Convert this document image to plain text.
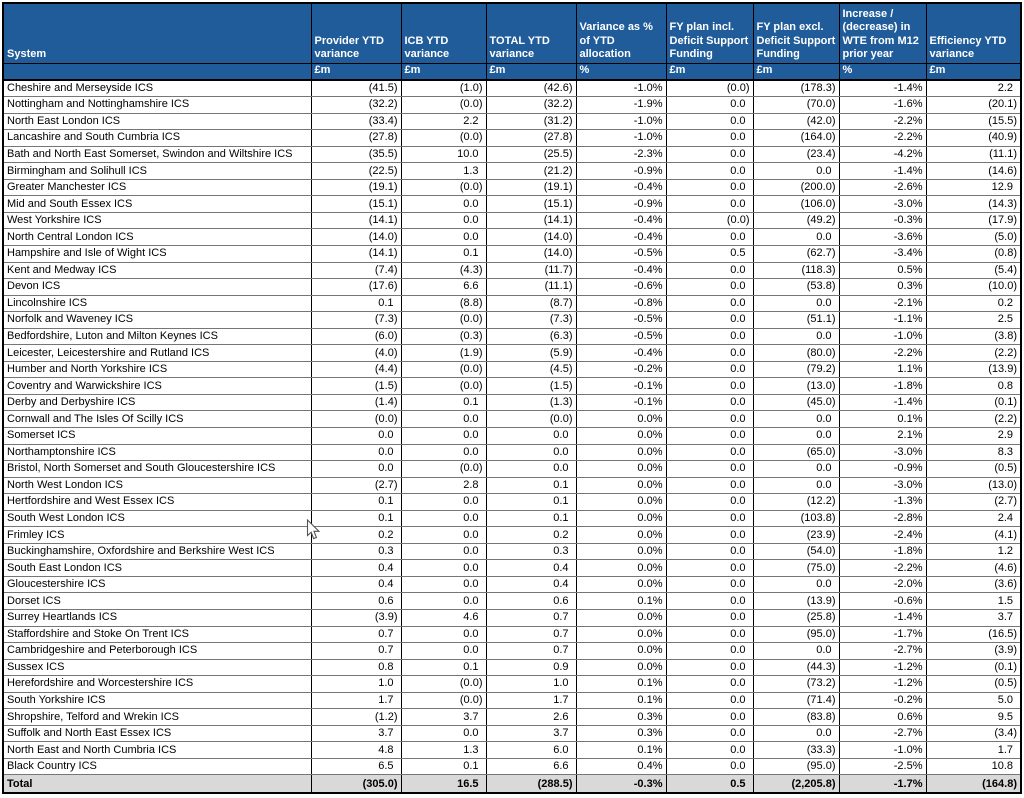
System	Provider YTD variance	ICB YTD variance	TOTAL YTD variance	Variance as % of YTD allocation	FY plan incl. Deficit Support Funding	FY plan excl. Deficit Support Funding	Increase / (decrease) in WTE from M12 prior year	Efficiency YTD variance
	£m	£m	£m	%	£m	£m	%	£m
Cheshire and Merseyside ICS	(41.5)	(1.0)	(42.6)	-1.0%	(0.0)	(178.3)	-1.4%	2.2
Nottingham and Nottinghamshire ICS	(32.2)	(0.0)	(32.2)	-1.9%	0.0	(70.0)	-1.6%	(20.1)
North East London ICS	(33.4)	2.2	(31.2)	-1.0%	0.0	(42.0)	-2.2%	(15.5)
Lancashire and South Cumbria ICS	(27.8)	(0.0)	(27.8)	-1.0%	0.0	(164.0)	-2.2%	(40.9)
Bath and North East Somerset, Swindon and Wiltshire ICS	(35.5)	10.0	(25.5)	-2.3%	0.0	(23.4)	-4.2%	(11.1)
Birmingham and Solihull ICS	(22.5)	1.3	(21.2)	-0.9%	0.0	0.0	-1.4%	(14.6)
Greater Manchester ICS	(19.1)	(0.0)	(19.1)	-0.4%	0.0	(200.0)	-2.6%	12.9
Mid and South Essex ICS	(15.1)	0.0	(15.1)	-0.9%	0.0	(106.0)	-3.0%	(14.3)
West Yorkshire ICS	(14.1)	0.0	(14.1)	-0.4%	(0.0)	(49.2)	-0.3%	(17.9)
North Central London ICS	(14.0)	0.0	(14.0)	-0.4%	0.0	0.0	-3.6%	(5.0)
Hampshire and Isle of Wight ICS	(14.1)	0.1	(14.0)	-0.5%	0.5	(62.7)	-3.4%	(0.8)
Kent and Medway ICS	(7.4)	(4.3)	(11.7)	-0.4%	0.0	(118.3)	0.5%	(5.4)
Devon ICS	(17.6)	6.6	(11.1)	-0.6%	0.0	(53.8)	0.3%	(10.0)
Lincolnshire ICS	0.1	(8.8)	(8.7)	-0.8%	0.0	0.0	-2.1%	0.2
Norfolk and Waveney ICS	(7.3)	(0.0)	(7.3)	-0.5%	0.0	(51.1)	-1.1%	2.5
Bedfordshire, Luton and Milton Keynes ICS	(6.0)	(0.3)	(6.3)	-0.5%	0.0	0.0	-1.0%	(3.8)
Leicester, Leicestershire and Rutland ICS	(4.0)	(1.9)	(5.9)	-0.4%	0.0	(80.0)	-2.2%	(2.2)
Humber and North Yorkshire ICS	(4.4)	(0.0)	(4.5)	-0.2%	0.0	(79.2)	1.1%	(13.9)
Coventry and Warwickshire ICS	(1.5)	(0.0)	(1.5)	-0.1%	0.0	(13.0)	-1.8%	0.8
Derby and Derbyshire ICS	(1.4)	0.1	(1.3)	-0.1%	0.0	(45.0)	-1.4%	(0.1)
Cornwall and The Isles Of Scilly ICS	(0.0)	0.0	(0.0)	0.0%	0.0	0.0	0.1%	(2.2)
Somerset ICS	0.0	0.0	0.0	0.0%	0.0	0.0	2.1%	2.9
Northamptonshire ICS	0.0	0.0	0.0	0.0%	0.0	(65.0)	-3.0%	8.3
Bristol, North Somerset and South Gloucestershire ICS	0.0	(0.0)	0.0	0.0%	0.0	0.0	-0.9%	(0.5)
North West London ICS	(2.7)	2.8	0.1	0.0%	0.0	0.0	-3.0%	(13.0)
Hertfordshire and West Essex ICS	0.1	0.0	0.1	0.0%	0.0	(12.2)	-1.3%	(2.7)
South West London ICS	0.1	0.0	0.1	0.0%	0.0	(103.8)	-2.8%	2.4
Frimley ICS	0.2	0.0	0.2	0.0%	0.0	(23.9)	-2.4%	(4.1)
Buckinghamshire, Oxfordshire and Berkshire West ICS	0.3	0.0	0.3	0.0%	0.0	(54.0)	-1.8%	1.2
South East London ICS	0.4	0.0	0.4	0.0%	0.0	(75.0)	-2.2%	(4.6)
Gloucestershire ICS	0.4	0.0	0.4	0.0%	0.0	0.0	-2.0%	(3.6)
Dorset ICS	0.6	0.0	0.6	0.1%	0.0	(13.9)	-0.6%	1.5
Surrey Heartlands ICS	(3.9)	4.6	0.7	0.0%	0.0	(25.8)	-1.4%	3.7
Staffordshire and Stoke On Trent ICS	0.7	0.0	0.7	0.0%	0.0	(95.0)	-1.7%	(16.5)
Cambridgeshire and Peterborough ICS	0.7	0.0	0.7	0.0%	0.0	0.0	-2.7%	(3.9)
Sussex ICS	0.8	0.1	0.9	0.0%	0.0	(44.3)	-1.2%	(0.1)
Herefordshire and Worcestershire ICS	1.0	(0.0)	1.0	0.1%	0.0	(73.2)	-1.2%	(0.5)
South Yorkshire ICS	1.7	(0.0)	1.7	0.1%	0.0	(71.4)	-0.2%	5.0
Shropshire, Telford and Wrekin ICS	(1.2)	3.7	2.6	0.3%	0.0	(83.8)	0.6%	9.5
Suffolk and North East Essex ICS	3.7	0.0	3.7	0.3%	0.0	0.0	-2.7%	(3.4)
North East and North Cumbria ICS	4.8	1.3	6.0	0.1%	0.0	(33.3)	-1.0%	1.7
Black Country ICS	6.5	0.1	6.6	0.4%	0.0	(95.0)	-2.5%	10.8
Total	(305.0)	16.5	(288.5)	-0.3%	0.5	(2,205.8)	-1.7%	(164.8)
